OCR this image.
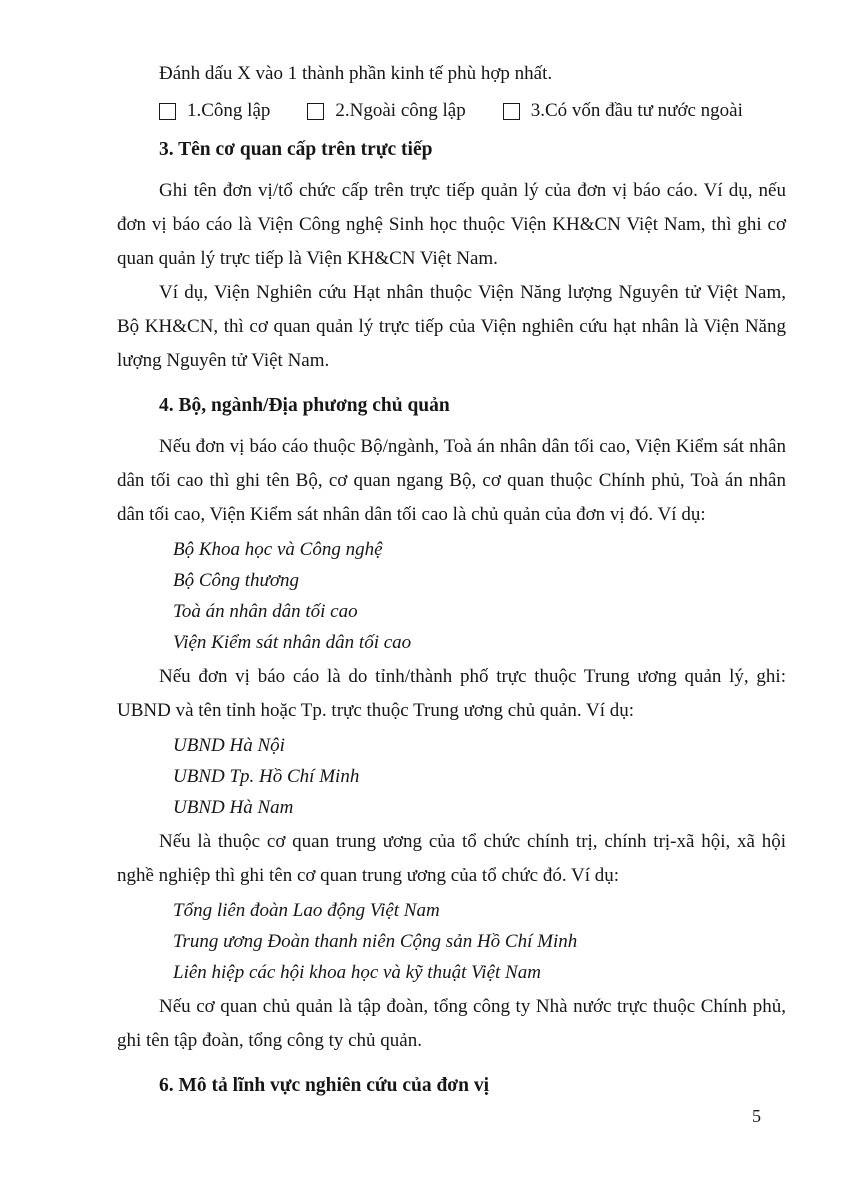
Đánh dấu X vào 1 thành phần kinh tế phù hợp nhất.

1.Công lập	2.Ngoài công lập	3.Có vốn đầu tư nước ngoài
3. Tên cơ quan cấp trên trực tiếp

Ghi tên đơn vị/tổ chức cấp trên trực tiếp quản lý của đơn vị báo cáo. Ví dụ, nếu đơn vị báo cáo là Viện Công nghệ Sinh học thuộc Viện KH&CN Việt Nam, thì ghi cơ quan quản lý trực tiếp là Viện KH&CN Việt Nam.

Ví dụ, Viện Nghiên cứu Hạt nhân thuộc Viện Năng lượng Nguyên tử Việt Nam, Bộ KH&CN, thì cơ quan quản lý trực tiếp của Viện nghiên cứu hạt nhân là Viện Năng lượng Nguyên tử Việt Nam.

4. Bộ, ngành/Địa phương chủ quản

Nếu đơn vị báo cáo thuộc Bộ/ngành, Toà án nhân dân tối cao, Viện Kiểm sát nhân dân tối cao thì ghi tên Bộ, cơ quan ngang Bộ, cơ quan thuộc Chính phủ, Toà án nhân dân tối cao, Viện Kiểm sát nhân dân tối cao là chủ quản của đơn vị đó. Ví dụ:

Bộ Khoa học và Công nghệ

Bộ Công thương

Toà án nhân dân tối cao

Viện Kiểm sát nhân dân tối cao

Nếu đơn vị báo cáo là do tỉnh/thành phố trực thuộc Trung ương quản lý, ghi: UBND và tên tỉnh hoặc Tp. trực thuộc Trung ương chủ quản. Ví dụ:

UBND Hà Nội

UBND Tp. Hồ Chí Minh

UBND Hà Nam

Nếu là thuộc cơ quan trung ương của tổ chức chính trị, chính trị-xã hội, xã hội nghề nghiệp thì ghi tên cơ quan trung ương của tổ chức đó. Ví dụ:

Tổng liên đoàn Lao động Việt Nam

Trung ương Đoàn thanh niên Cộng sản Hồ Chí Minh

Liên hiệp các hội khoa học và kỹ thuật Việt Nam

Nếu cơ quan chủ quản là tập đoàn, tổng công ty Nhà nước trực thuộc Chính phủ, ghi tên tập đoàn, tổng công ty chủ quản.

6. Mô tả lĩnh vực nghiên cứu của đơn vị
5
